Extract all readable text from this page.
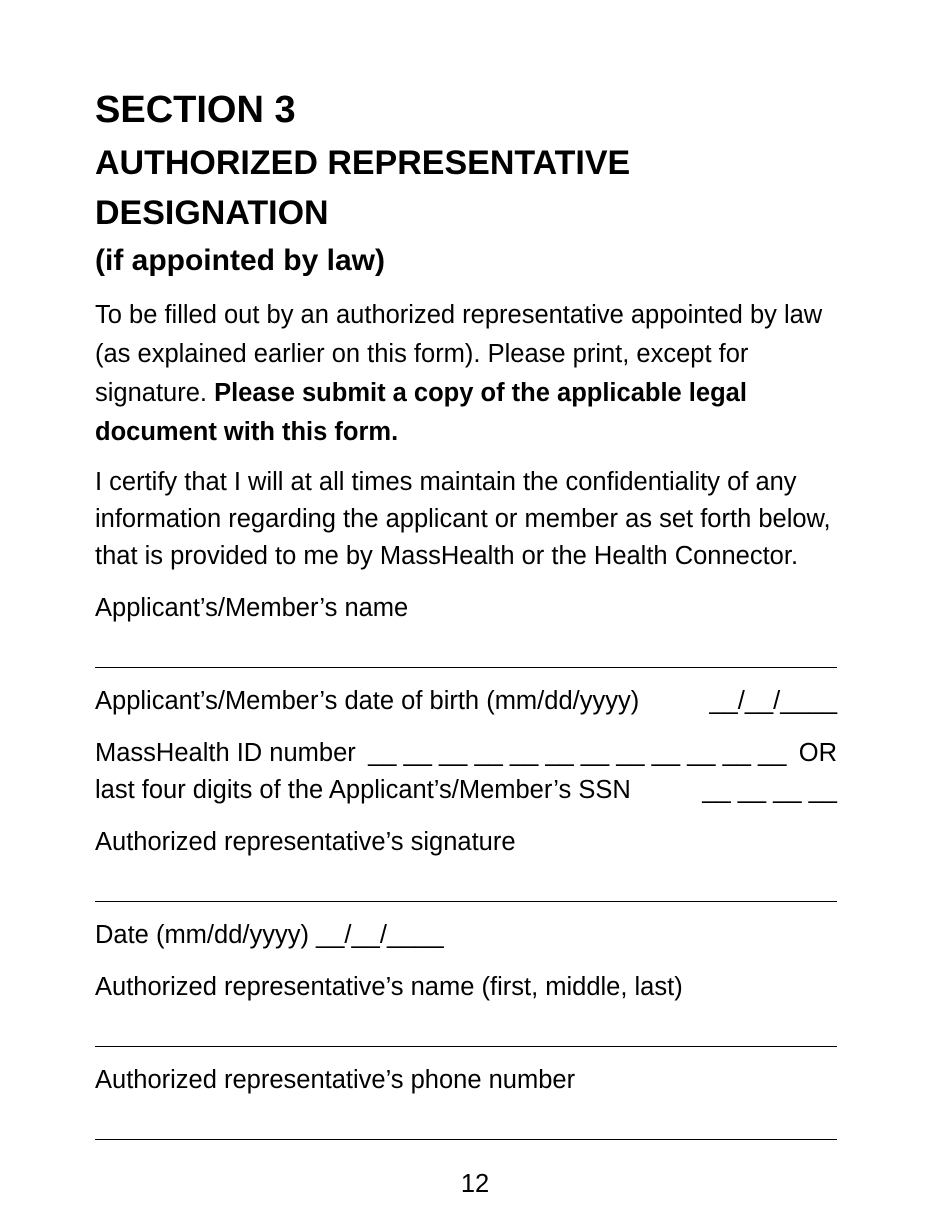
SECTION 3
AUTHORIZED REPRESENTATIVE DESIGNATION
(if appointed by law)

To be filled out by an authorized representative appointed by law (as explained earlier on this form). Please print, except for signature. Please submit a copy of the applicable legal document with this form.

I certify that I will at all times maintain the confidentiality of any information regarding the applicant or member as set forth below, that is provided to me by MassHealth or the Health Connector.

Applicant’s/Member’s name
Applicant’s/Member’s date of birth (mm/dd/yyyy)	__/__/____
MassHealth ID number __ __ __ __ __ __ __ __ __ __ __ __ OR
last four digits of the Applicant’s/Member’s SSN	__ __ __ __
Authorized representative’s signature
Date (mm/dd/yyyy) __/__/____
Authorized representative’s name (first, middle, last)
Authorized representative’s phone number
12
